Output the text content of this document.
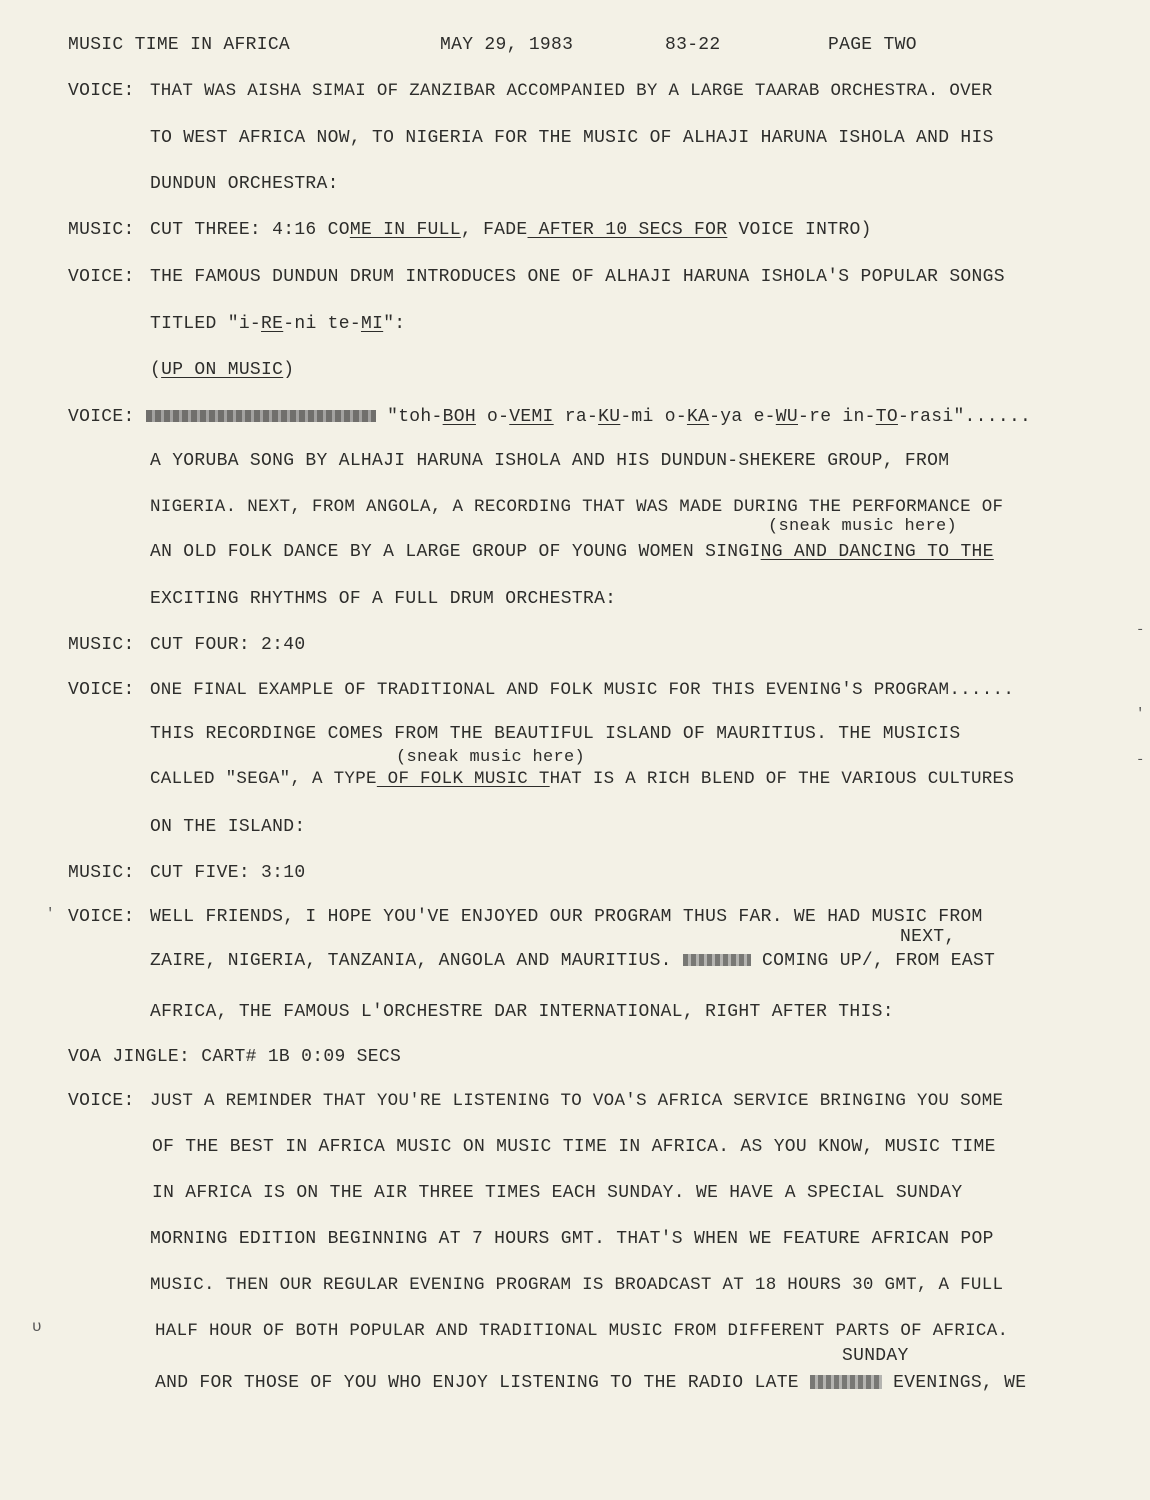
MUSIC TIME IN AFRICA	MAY 29, 1983	83-22	PAGE TWO
VOICE: THAT WAS AISHA SIMAI OF ZANZIBAR ACCOMPANIED BY A LARGE TAARAB ORCHESTRA. OVER
TO WEST AFRICA NOW, TO NIGERIA FOR THE MUSIC OF ALHAJI HARUNA ISHOLA AND HIS
DUNDUN ORCHESTRA:
MUSIC: CUT THREE: 4:16 COME IN FULL, FADE AFTER 10 SECS FOR VOICE INTRO)
VOICE: THE FAMOUS DUNDUN DRUM INTRODUCES ONE OF ALHAJI HARUNA ISHOLA'S POPULAR SONGS
TITLED "i-RE-ni te-MI":
(UP ON MUSIC)
VOICE:	"toh-BOH o-VEMI ra-KU-mi o-KA-ya e-WU-re in-TO-rasi"......
A YORUBA SONG BY ALHAJI HARUNA ISHOLA AND HIS DUNDUN-SHEKERE GROUP, FROM
NIGERIA. NEXT, FROM ANGOLA, A RECORDING THAT WAS MADE DURING THE PERFORMANCE OF
(sneak music here)
AN OLD FOLK DANCE BY A LARGE GROUP OF YOUNG WOMEN SINGING AND DANCING TO THE
EXCITING RHYTHMS OF A FULL DRUM ORCHESTRA:
MUSIC: CUT FOUR: 2:40
VOICE: ONE FINAL EXAMPLE OF TRADITIONAL AND FOLK MUSIC FOR THIS EVENING'S PROGRAM......
THIS RECORDINGE COMES FROM THE BEAUTIFUL ISLAND OF MAURITIUS. THE MUSICIS
(sneak music here)
CALLED "SEGA", A TYPE OF FOLK MUSIC THAT IS A RICH BLEND OF THE VARIOUS CULTURES
ON THE ISLAND:
MUSIC: CUT FIVE: 3:10
' VOICE: WELL FRIENDS, I HOPE YOU'VE ENJOYED OUR PROGRAM THUS FAR. WE HAD MUSIC FROM
NEXT,
ZAIRE, NIGERIA, TANZANIA, ANGOLA AND MAURITIUS.	COMING UP/, FROM EAST
AFRICA, THE FAMOUS L'ORCHESTRE DAR INTERNATIONAL, RIGHT AFTER THIS:
VOA JINGLE: CART# 1B 0:09 SECS
VOICE: JUST A REMINDER THAT YOU'RE LISTENING TO VOA'S AFRICA SERVICE BRINGING YOU SOME
OF THE BEST IN AFRICA MUSIC ON MUSIC TIME IN AFRICA. AS YOU KNOW, MUSIC TIME
IN AFRICA IS ON THE AIR THREE TIMES EACH SUNDAY. WE HAVE A SPECIAL SUNDAY
MORNING EDITION BEGINNING AT 7 HOURS GMT. THAT'S WHEN WE FEATURE AFRICAN POP
MUSIC. THEN OUR REGULAR EVENING PROGRAM IS BROADCAST AT 18 HOURS 30 GMT, A FULL
ʋ	HALF HOUR OF BOTH POPULAR AND TRADITIONAL MUSIC FROM DIFFERENT PARTS OF AFRICA.
SUNDAY
AND FOR THOSE OF YOU WHO ENJOY LISTENING TO THE RADIO LATE	EVENINGS, WE
-
'
-
